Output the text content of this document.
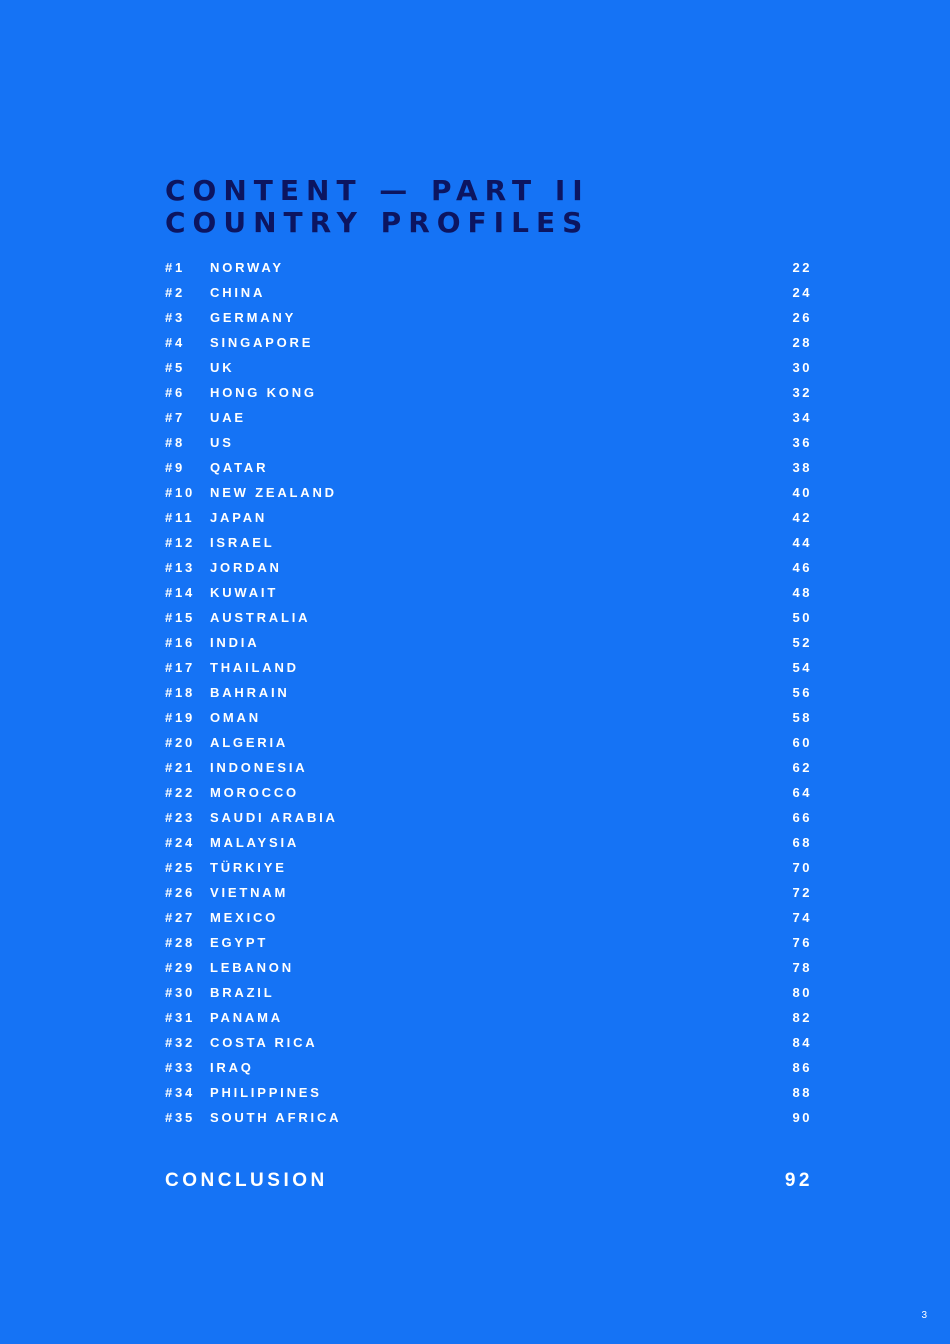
CONTENT — PART II
COUNTRY PROFILES
#1 NORWAY	22
#2 CHINA	24
#3 GERMANY	26
#4 SINGAPORE	28
#5 UK	30
#6 HONG KONG	32
#7 UAE	34
#8 US	36
#9 QATAR	38
#10 NEW ZEALAND	40
#11 JAPAN	42
#12 ISRAEL	44
#13 JORDAN	46
#14 KUWAIT	48
#15 AUSTRALIA	50
#16 INDIA	52
#17 THAILAND	54
#18 BAHRAIN	56
#19 OMAN	58
#20 ALGERIA	60
#21 INDONESIA	62
#22 MOROCCO	64
#23 SAUDI ARABIA	66
#24 MALAYSIA	68
#25 TÜRKIYE	70
#26 VIETNAM	72
#27 MEXICO	74
#28 EGYPT	76
#29 LEBANON	78
#30 BRAZIL	80
#31 PANAMA	82
#32 COSTA RICA	84
#33 IRAQ	86
#34 PHILIPPINES	88
#35 SOUTH AFRICA	90
CONCLUSION	92
3
